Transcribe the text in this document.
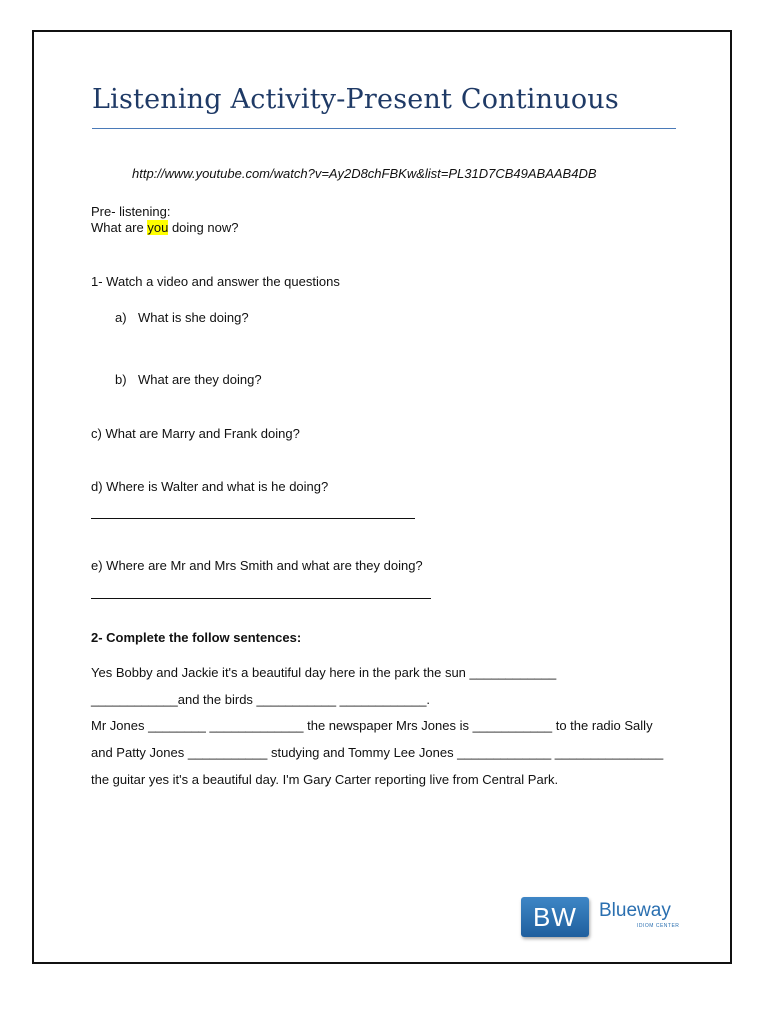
Listening Activity-Present Continuous
http://www.youtube.com/watch?v=Ay2D8chFBKw&list=PL31D7CB49ABAAB4DB
Pre- listening:
What are you doing now?
1- Watch a video and answer the questions
a) What is she doing?
b) What are they doing?
c) What are Marry and Frank doing?
d) Where is Walter and what is he doing?
e) Where are Mr and Mrs Smith and what are they doing?
2- Complete the follow sentences:
Yes Bobby and Jackie it's a beautiful day here in the park the sun ____________
____________and the birds ___________ ____________.
Mr Jones ________ _____________ the newspaper Mrs Jones is ___________ to the radio Sally
and Patty Jones ___________ studying and Tommy Lee Jones _____________ _______________
the guitar yes it's a beautiful day. I'm Gary Carter reporting live from Central Park.
BW	Blueway
IDIOM CENTER
